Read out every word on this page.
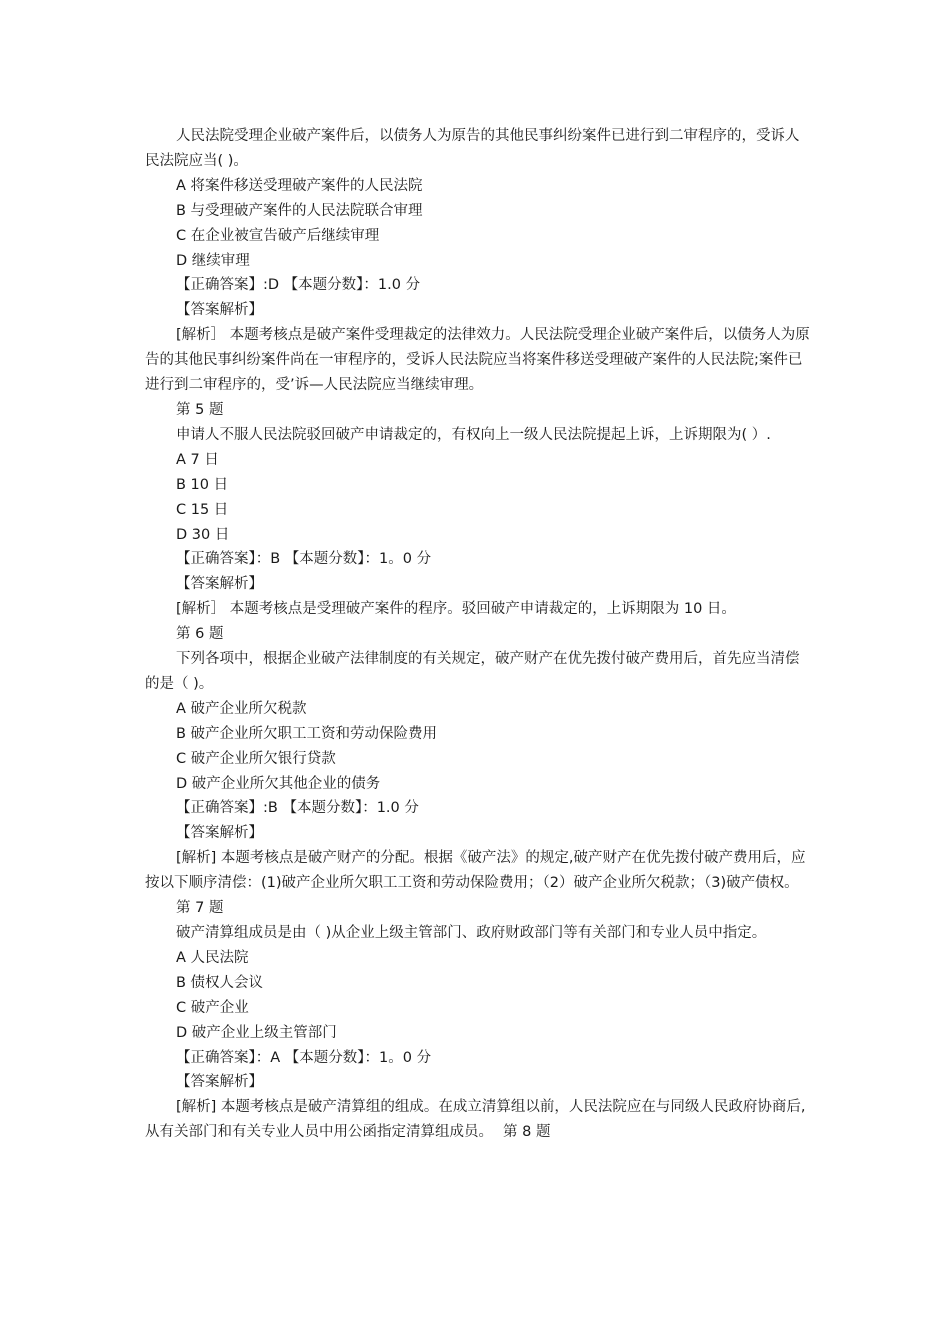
人民法院受理企业破产案件后，以债务人为原告的其他民事纠纷案件已进行到二审程序的，受诉人民法院应当( )。

A 将案件移送受理破产案件的人民法院

B 与受理破产案件的人民法院联合审理

C 在企业被宣告破产后继续审理

D 继续审理

【正确答案】:D 【本题分数】：1.0 分

【答案解析】

[解析］ 本题考核点是破产案件受理裁定的法律效力。人民法院受理企业破产案件后，以债务人为原告的其他民事纠纷案件尚在一审程序的，受诉人民法院应当将案件移送受理破产案件的人民法院;案件已进行到二审程序的，受’诉—人民法院应当继续审理。

第 5 题

申请人不服人民法院驳回破产申请裁定的，有权向上一级人民法院提起上诉，上诉期限为( ）.

A 7 日

B 10 日

C 15 日

D 30 日

【正确答案】：B 【本题分数】：1。0 分

【答案解析】

[解析］ 本题考核点是受理破产案件的程序。驳回破产申请裁定的，上诉期限为 10 日。

第 6 题

下列各项中，根据企业破产法律制度的有关规定，破产财产在优先拨付破产费用后，首先应当清偿的是（ )。

A 破产企业所欠税款

B 破产企业所欠职工工资和劳动保险费用

C 破产企业所欠银行贷款

D 破产企业所欠其他企业的债务

【正确答案】:B 【本题分数】：1.0 分

【答案解析】

[解析] 本题考核点是破产财产的分配。根据《破产法》的规定,破产财产在优先拨付破产费用后，应按以下顺序清偿：(1)破产企业所欠职工工资和劳动保险费用；（2）破产企业所欠税款；（3)破产债权。

第 7 题

破产清算组成员是由（ )从企业上级主管部门、政府财政部门等有关部门和专业人员中指定。

A 人民法院

B 债权人会议

C 破产企业

D 破产企业上级主管部门

【正确答案】：A 【本题分数】：1。0 分

【答案解析】

[解析] 本题考核点是破产清算组的组成。在成立清算组以前，人民法院应在与同级人民政府协商后,从有关部门和有关专业人员中用公函指定清算组成员。 第 8 题
